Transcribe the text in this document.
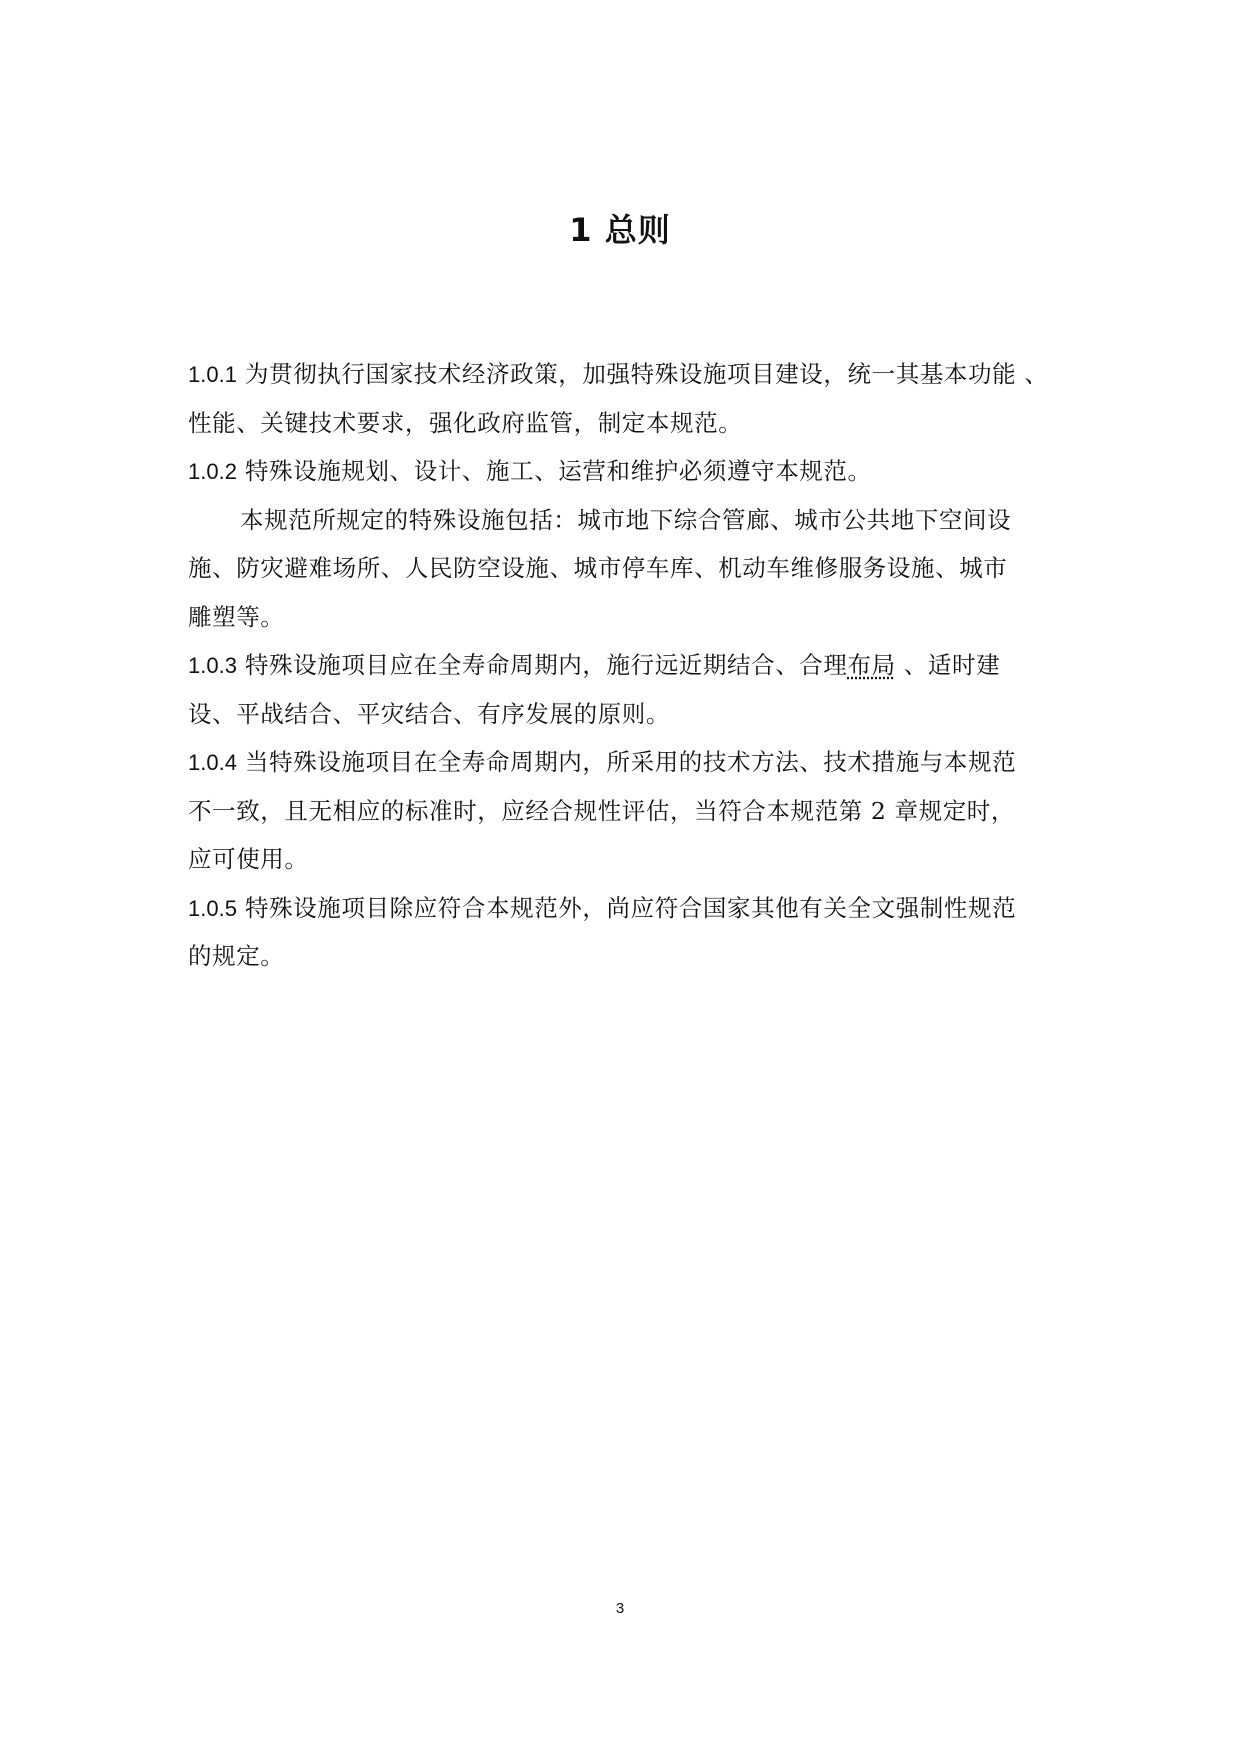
1 总则
1.0.1 为贯彻执行国家技术经济政策，加强特殊设施项目建设，统一其基本功能 、
性能、关键技术要求，强化政府监管，制定本规范。
1.0.2 特殊设施规划、设计、施工、运营和维护必须遵守本规范。
本规范所规定的特殊设施包括：城市地下综合管廊、城市公共地下空间设
施、防灾避难场所、人民防空设施、城市停车库、机动车维修服务设施、城市
雕塑等。
1.0.3 特殊设施项目应在全寿命周期内，施行远近期结合、合理布局 、适时建
设、平战结合、平灾结合、有序发展的原则。
1.0.4 当特殊设施项目在全寿命周期内，所采用的技术方法、技术措施与本规范
不一致，且无相应的标准时，应经合规性评估，当符合本规范第 2 章规定时，
应可使用。
1.0.5 特殊设施项目除应符合本规范外，尚应符合国家其他有关全文强制性规范
的规定。

3
